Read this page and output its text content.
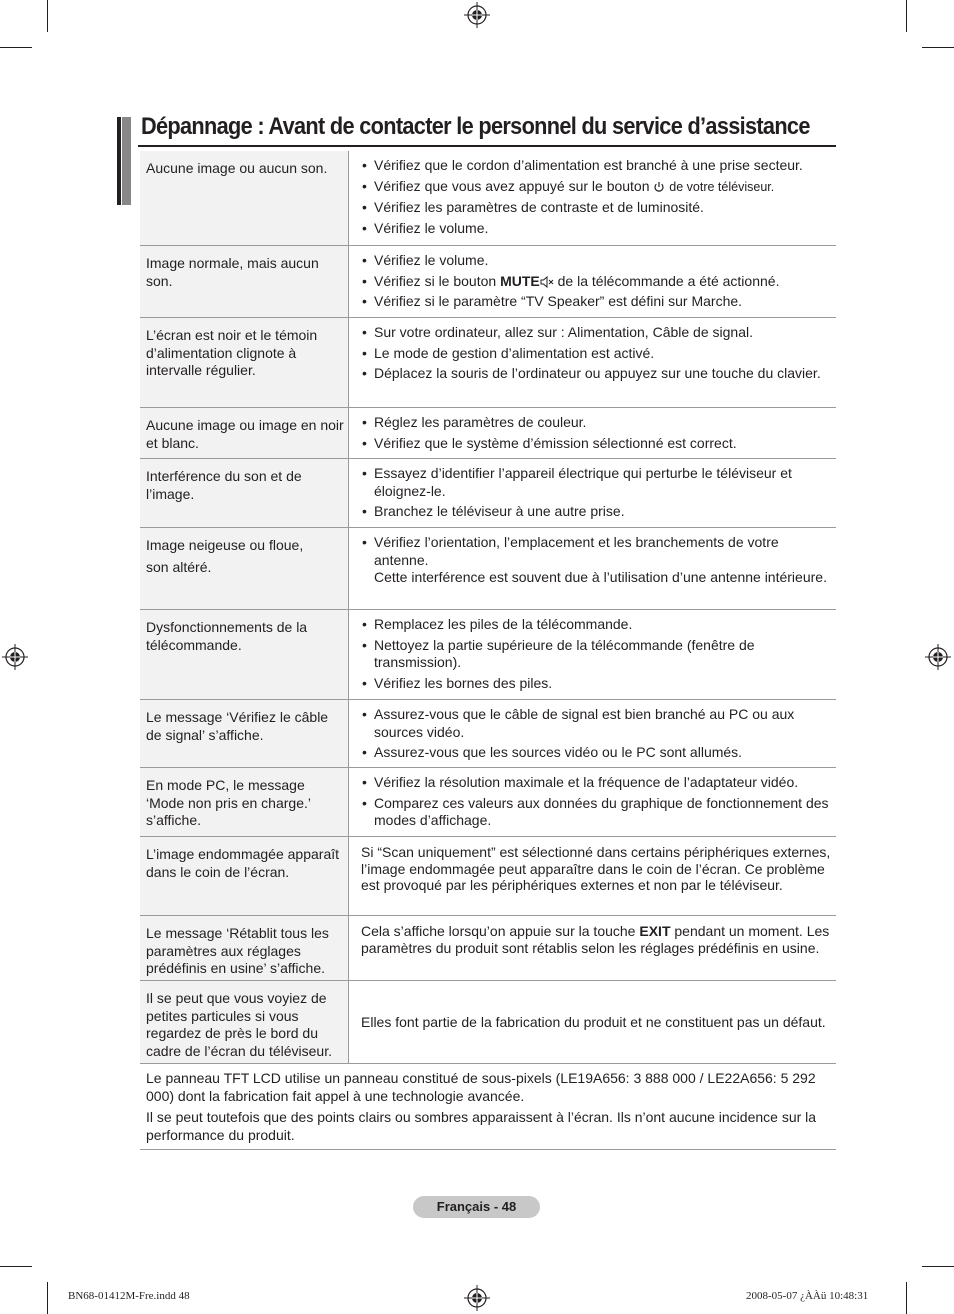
Dépannage : Avant de contacter le personnel du service d’assistance
Aucune image ou aucun son.
•	Vérifiez que le cordon d’alimentation est branché à une prise secteur.
• Vérifiez que vous avez appuyé sur le bouton de votre téléviseur.
• Vérifiez les paramètres de contraste et de luminosité.
• Vérifiez le volume.
Image normale, mais aucun son.
• Vérifiez le volume.
• Vérifiez si le bouton MUTE de la télécommande a été actionné.
• Vérifiez si le paramètre “TV Speaker” est défini sur Marche.
L’écran est noir et le témoin d’alimentation clignote à intervalle régulier.
• Sur votre ordinateur, allez sur : Alimentation, Câble de signal.
• Le mode de gestion d’alimentation est activé.
• Déplacez la souris de l’ordinateur ou appuyez sur une touche du clavier.
Aucune image ou image en noir et blanc.
• Réglez les paramètres de couleur.
• Vérifiez que le système d’émission sélectionné est correct.
Interférence du son et de l’image.
• Essayez d’identifier l’appareil électrique qui perturbe le téléviseur et éloignez-le.
• Branchez le téléviseur à une autre prise.
Image neigeuse ou floue,
son altéré.
• Vérifiez l’orientation, l’emplacement et les branchements de votre antenne.
Cette interférence est souvent due à l’utilisation d’une antenne intérieure.
Dysfonctionnements de la télécommande.
• Remplacez les piles de la télécommande.
• Nettoyez la partie supérieure de la télécommande (fenêtre de transmission).
• Vérifiez les bornes des piles.
Le message ‘Vérifiez le câble de signal’ s’affiche.
• Assurez-vous que le câble de signal est bien branché au PC ou aux sources vidéo.
• Assurez-vous que les sources vidéo ou le PC sont allumés.
En mode PC, le message ‘Mode non pris en charge.’ s’affiche.
• Vérifiez la résolution maximale et la fréquence de l’adaptateur vidéo.
• Comparez ces valeurs aux données du graphique de fonctionnement des modes d’affichage.
L’image endommagée apparaît dans le coin de l’écran.
Si “Scan uniquement” est sélectionné dans certains périphériques externes, l’image endommagée peut apparaître dans le coin de l’écran. Ce problème est provoqué par les périphériques externes et non par le téléviseur.
Le message ‘Rétablit tous les paramètres aux réglages prédéfinis en usine’ s’affiche.
Cela s’affiche lorsqu’on appuie sur la touche EXIT pendant un moment. Les paramètres du produit sont rétablis selon les réglages prédéfinis en usine.
Il se peut que vous voyiez de petites particules si vous regardez de près le bord du cadre de l’écran du téléviseur.
Elles font partie de la fabrication du produit et ne constituent pas un défaut.
Le panneau TFT LCD utilise un panneau constitué de sous-pixels (LE19A656: 3 888 000 / LE22A656: 5 292 000) dont la fabrication fait appel à une technologie avancée.
Il se peut toutefois que des points clairs ou sombres apparaissent à l’écran. Ils n’ont aucune incidence sur la performance du produit.
Français - 48
BN68-01412M-Fre.indd 48	2008-05-07 ¿ÀÀü 10:48:31
